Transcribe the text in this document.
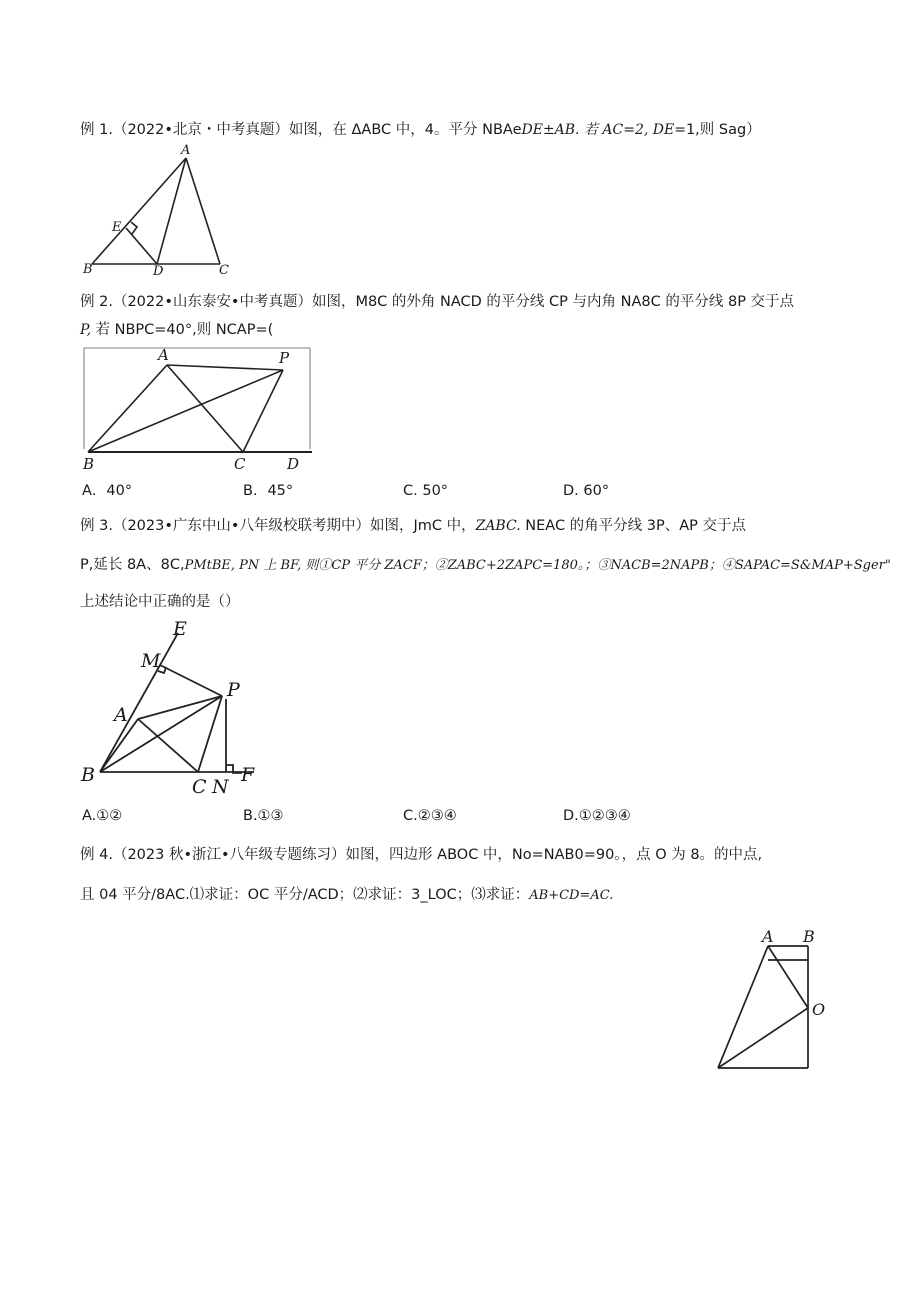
例 1.（2022•北京・中考真题）如图，在 ΔABC 中，4。平分 NBAeDE±AB. 若 AC=2, DE=1,则 Sag）
A
B	C
D
E
例 2.（2022•山东泰安•中考真题）如图，M8C 的外角 NACD 的平分线 CP 与内角 NA8C 的平分线 8P 交于点
P, 若 NBPC=40°,则 NCAP=(
A	P
B	C	D
A．40°	B．45°	C. 50°	D. 60°
例 3.（2023•广东中山•八年级校联考期中）如图，JmC 中，ZABC. NEAC 的角平分线 3P、AP 交于点
P,延长 8A、8C,PMtBE, PN 上 BF, 则①CP 平分 ZACF；②ZABC+2ZAPC=180。；③NACB=2NAPB；④SAPAC=S&MAP+Sger"
上述结论中正确的是（）
E
M
P
A
B
C N
F
A.①②	B.①③	C.②③④	D.①②③④
例 4.（2023 秋•浙江•八年级专题练习）如图，四边形 ABOC 中，No=NAB0=90。，点 O 为 8。的中点,
且 04 平分/8AC.⑴求证：OC 平分/ACD；⑵求证：3_LOC；⑶求证：AB+CD=AC.
A B
O
